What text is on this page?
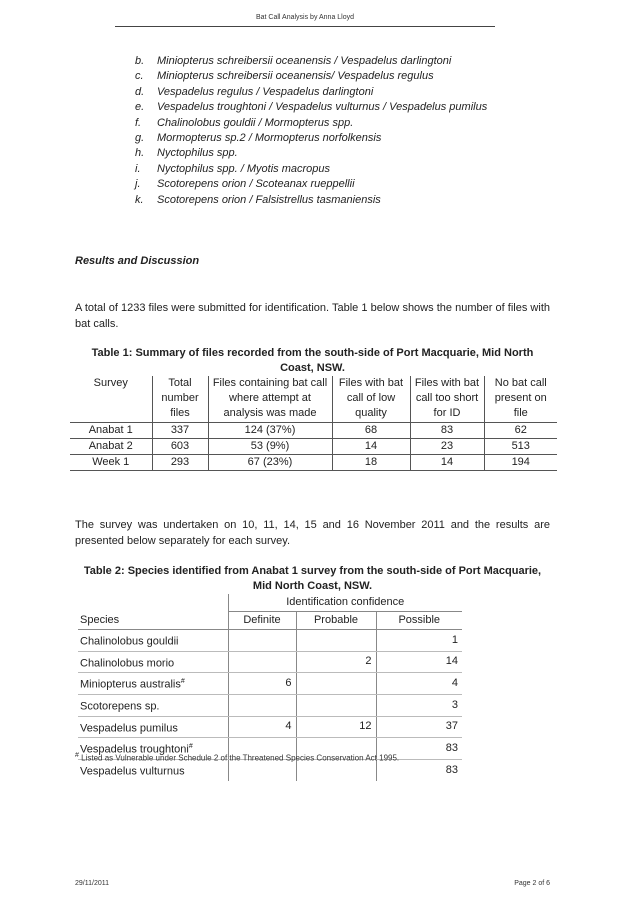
Bat Call Analysis by Anna Lloyd
b.	Miniopterus schreibersii oceanensis / Vespadelus darlingtoni
c.	Miniopterus schreibersii oceanensis/ Vespadelus regulus
d.	Vespadelus regulus / Vespadelus darlingtoni
e.	Vespadelus troughtoni / Vespadelus vulturnus / Vespadelus pumilus
f.	Chalinolobus gouldii / Mormopterus spp.
g.	Mormopterus sp.2 / Mormopterus norfolkensis
h.	Nyctophilus spp.
i.	Nyctophilus spp. / Myotis macropus
j.	Scotorepens orion / Scoteanax rueppellii
k.	Scotorepens orion / Falsistrellus tasmaniensis
Results and Discussion
A total of 1233 files were submitted for identification. Table 1 below shows the number of files with bat calls.
Table 1: Summary of files recorded from the south-side of Port Macquarie, Mid North Coast, NSW.
Survey	Total number files	Files containing bat call where attempt at analysis was made	Files with bat call of low quality	Files with bat call too short for ID	No bat call present on file
Anabat 1	337	124 (37%)	68	83	62
Anabat 2	603	53 (9%)	14	23	513
Week 1	293	67 (23%)	18	14	194
The survey was undertaken on 10, 11, 14, 15 and 16 November 2011 and the results are presented below separately for each survey.
Table 2: Species identified from Anabat 1 survey from the south-side of Port Macquarie, Mid North Coast, NSW.
	Identification confidence		
Species	Definite	Probable	Possible
Chalinolobus gouldii			1
Chalinolobus morio		2	14
Miniopterus australis#	6		4
Scotorepens sp.			3
Vespadelus pumilus	4	12	37
Vespadelus troughtoni#			83
Vespadelus vulturnus			83
# Listed as Vulnerable under Schedule 2 of the Threatened Species Conservation Act 1995.
29/11/2011	Page 2 of 6
